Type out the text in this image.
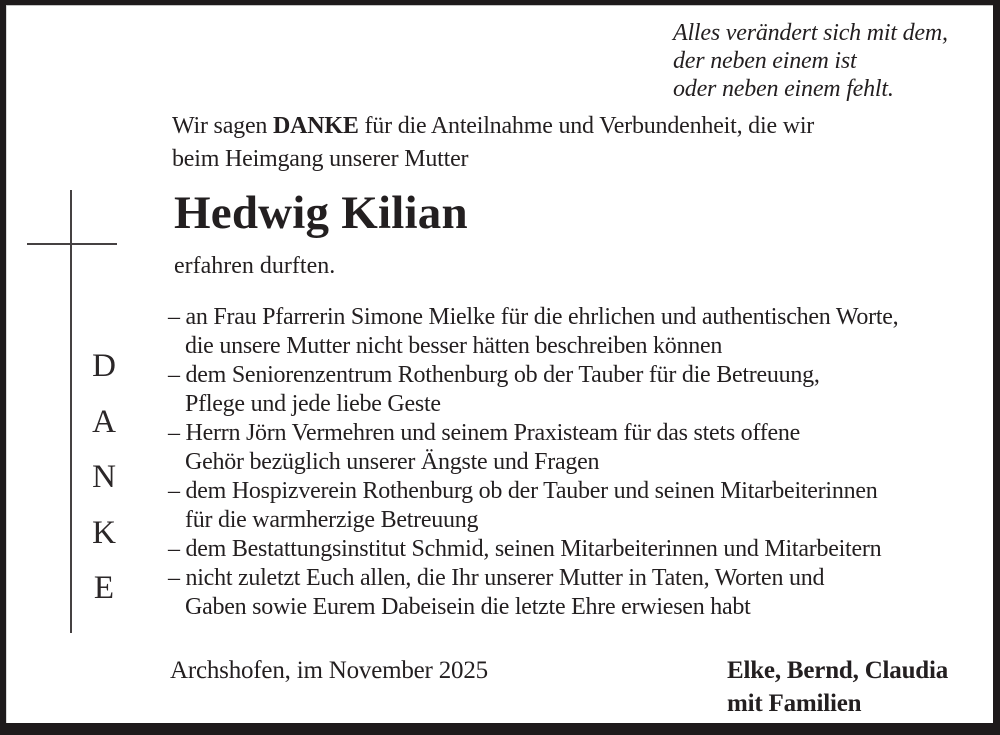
Alles verändert sich mit dem,
der neben einem ist
oder neben einem fehlt.
D
A
N
K
E
Wir sagen DANKE für die Anteilnahme und Verbundenheit, die wir
beim Heimgang unserer Mutter
Hedwig Kilian
erfahren durften.
– an Frau Pfarrerin Simone Mielke für die ehrlichen und authentischen Worte,
die unsere Mutter nicht besser hätten beschreiben können
– dem Seniorenzentrum Rothenburg ob der Tauber für die Betreuung,
Pflege und jede liebe Geste
– Herrn Jörn Vermehren und seinem Praxisteam für das stets offene
Gehör bezüglich unserer Ängste und Fragen
– dem Hospizverein Rothenburg ob der Tauber und seinen Mitarbeiterinnen
für die warmherzige Betreuung
– dem Bestattungsinstitut Schmid, seinen Mitarbeiterinnen und Mitarbeitern
– nicht zuletzt Euch allen, die Ihr unserer Mutter in Taten, Worten und
Gaben sowie Eurem Dabeisein die letzte Ehre erwiesen habt
Archshofen, im November 2025	Elke, Bernd, Claudia
mit Familien
